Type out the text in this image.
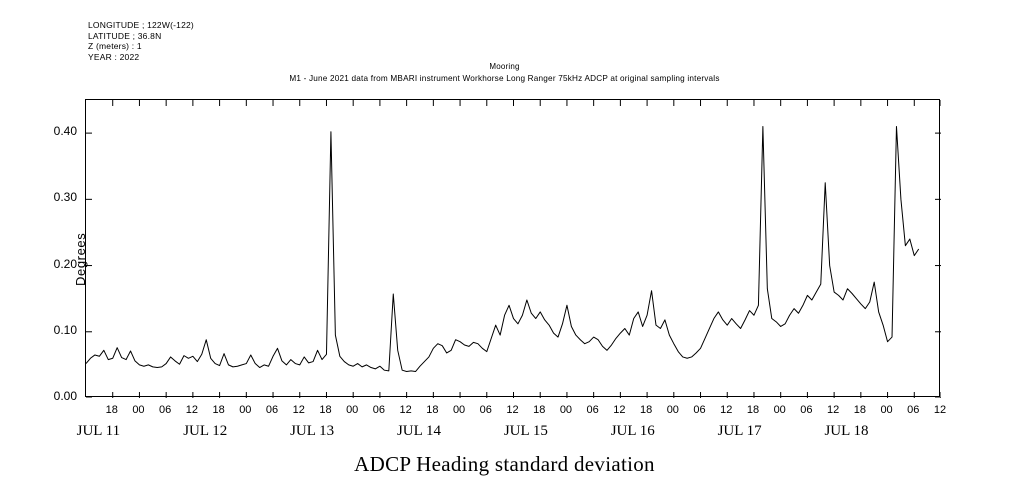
LONGITUDE ; 122W(-122)
LATITUDE ; 36.8N
Z (meters) : 1
YEAR : 2022
Mooring
M1 - June 2021 data from MBARI instrument Workhorse Long Ranger 75kHz ADCP at original sampling intervals
Degrees
0.00
0.10
0.20
0.30
0.40
18	00	06	12	18	00	06	12	18	00	06	12	18	00	06	12	18	00	06	12	18	00	06	12	18	00	06	12	18	00	06	12
JUL 11	JUL 12	JUL 13	JUL 14	JUL 15	JUL 16	JUL 17	JUL 18
ADCP Heading standard deviation
